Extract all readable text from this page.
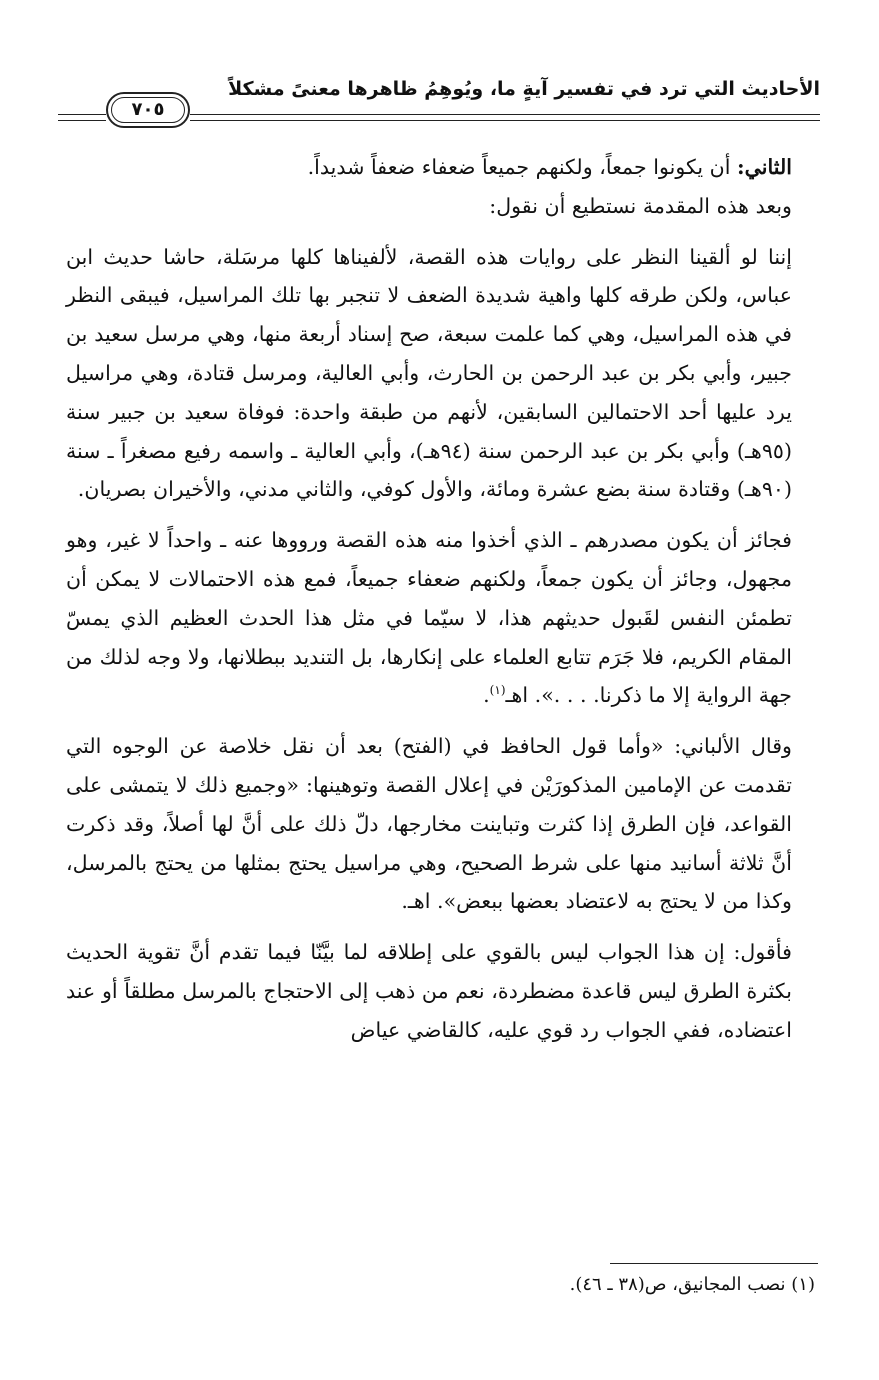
الأحاديث التي ترد في تفسير آيةٍ ما، ويُوهِمُ ظاهرها معنىً مشكلاً
٧٠٥

الثاني: أن يكونوا جمعاً، ولكنهم جميعاً ضعفاء ضعفاً شديداً.

وبعد هذه المقدمة نستطيع أن نقول:

إننا لو ألقينا النظر على روايات هذه القصة، لألفيناها كلها مرسَلة، حاشا حديث ابن عباس، ولكن طرقه كلها واهية شديدة الضعف لا تنجبر بها تلك المراسيل، فيبقى النظر في هذه المراسيل، وهي كما علمت سبعة، صح إسناد أربعة منها، وهي مرسل سعيد بن جبير، وأبي بكر بن عبد الرحمن بن الحارث، وأبي العالية، ومرسل قتادة، وهي مراسيل يرد عليها أحد الاحتمالين السابقين، لأنهم من طبقة واحدة: فوفاة سعيد بن جبير سنة (٩٥هـ) وأبي بكر بن عبد الرحمن سنة (٩٤هـ)، وأبي العالية ـ واسمه رفيع مصغراً ـ سنة (٩٠هـ) وقتادة سنة بضع عشرة ومائة، والأول كوفي، والثاني مدني، والأخيران بصريان.

فجائز أن يكون مصدرهم ـ الذي أخذوا منه هذه القصة ورووها عنه ـ واحداً لا غير، وهو مجهول، وجائز أن يكون جمعاً، ولكنهم ضعفاء جميعاً، فمع هذه الاحتمالات لا يمكن أن تطمئن النفس لقَبول حديثهم هذا، لا سيّما في مثل هذا الحدث العظيم الذي يمسّ المقام الكريم، فلا جَرَم تتابع العلماء على إنكارها، بل التنديد ببطلانها، ولا وجه لذلك من جهة الرواية إلا ما ذكرنا. . . .». اهـ$^{(١)}$.

وقال الألباني: «وأما قول الحافظ في (الفتح) بعد أن نقل خلاصة عن الوجوه التي تقدمت عن الإمامين المذكورَيْن في إعلال القصة وتوهينها: «وجميع ذلك لا يتمشى على القواعد، فإن الطرق إذا كثرت وتباينت مخارجها، دلّ ذلك على أنَّ لها أصلاً، وقد ذكرت أنَّ ثلاثة أسانيد منها على شرط الصحيح، وهي مراسيل يحتج بمثلها من يحتج بالمرسل، وكذا من لا يحتج به لاعتضاد بعضها ببعض». اهـ.

فأقول: إن هذا الجواب ليس بالقوي على إطلاقه لما بيَّنّا فيما تقدم أنَّ تقوية الحديث بكثرة الطرق ليس قاعدة مضطردة، نعم من ذهب إلى الاحتجاج بالمرسل مطلقاً أو عند اعتضاده، ففي الجواب رد قوي عليه، كالقاضي عياض

(١) نصب المجانيق، ص(٣٨ ـ ٤٦).
